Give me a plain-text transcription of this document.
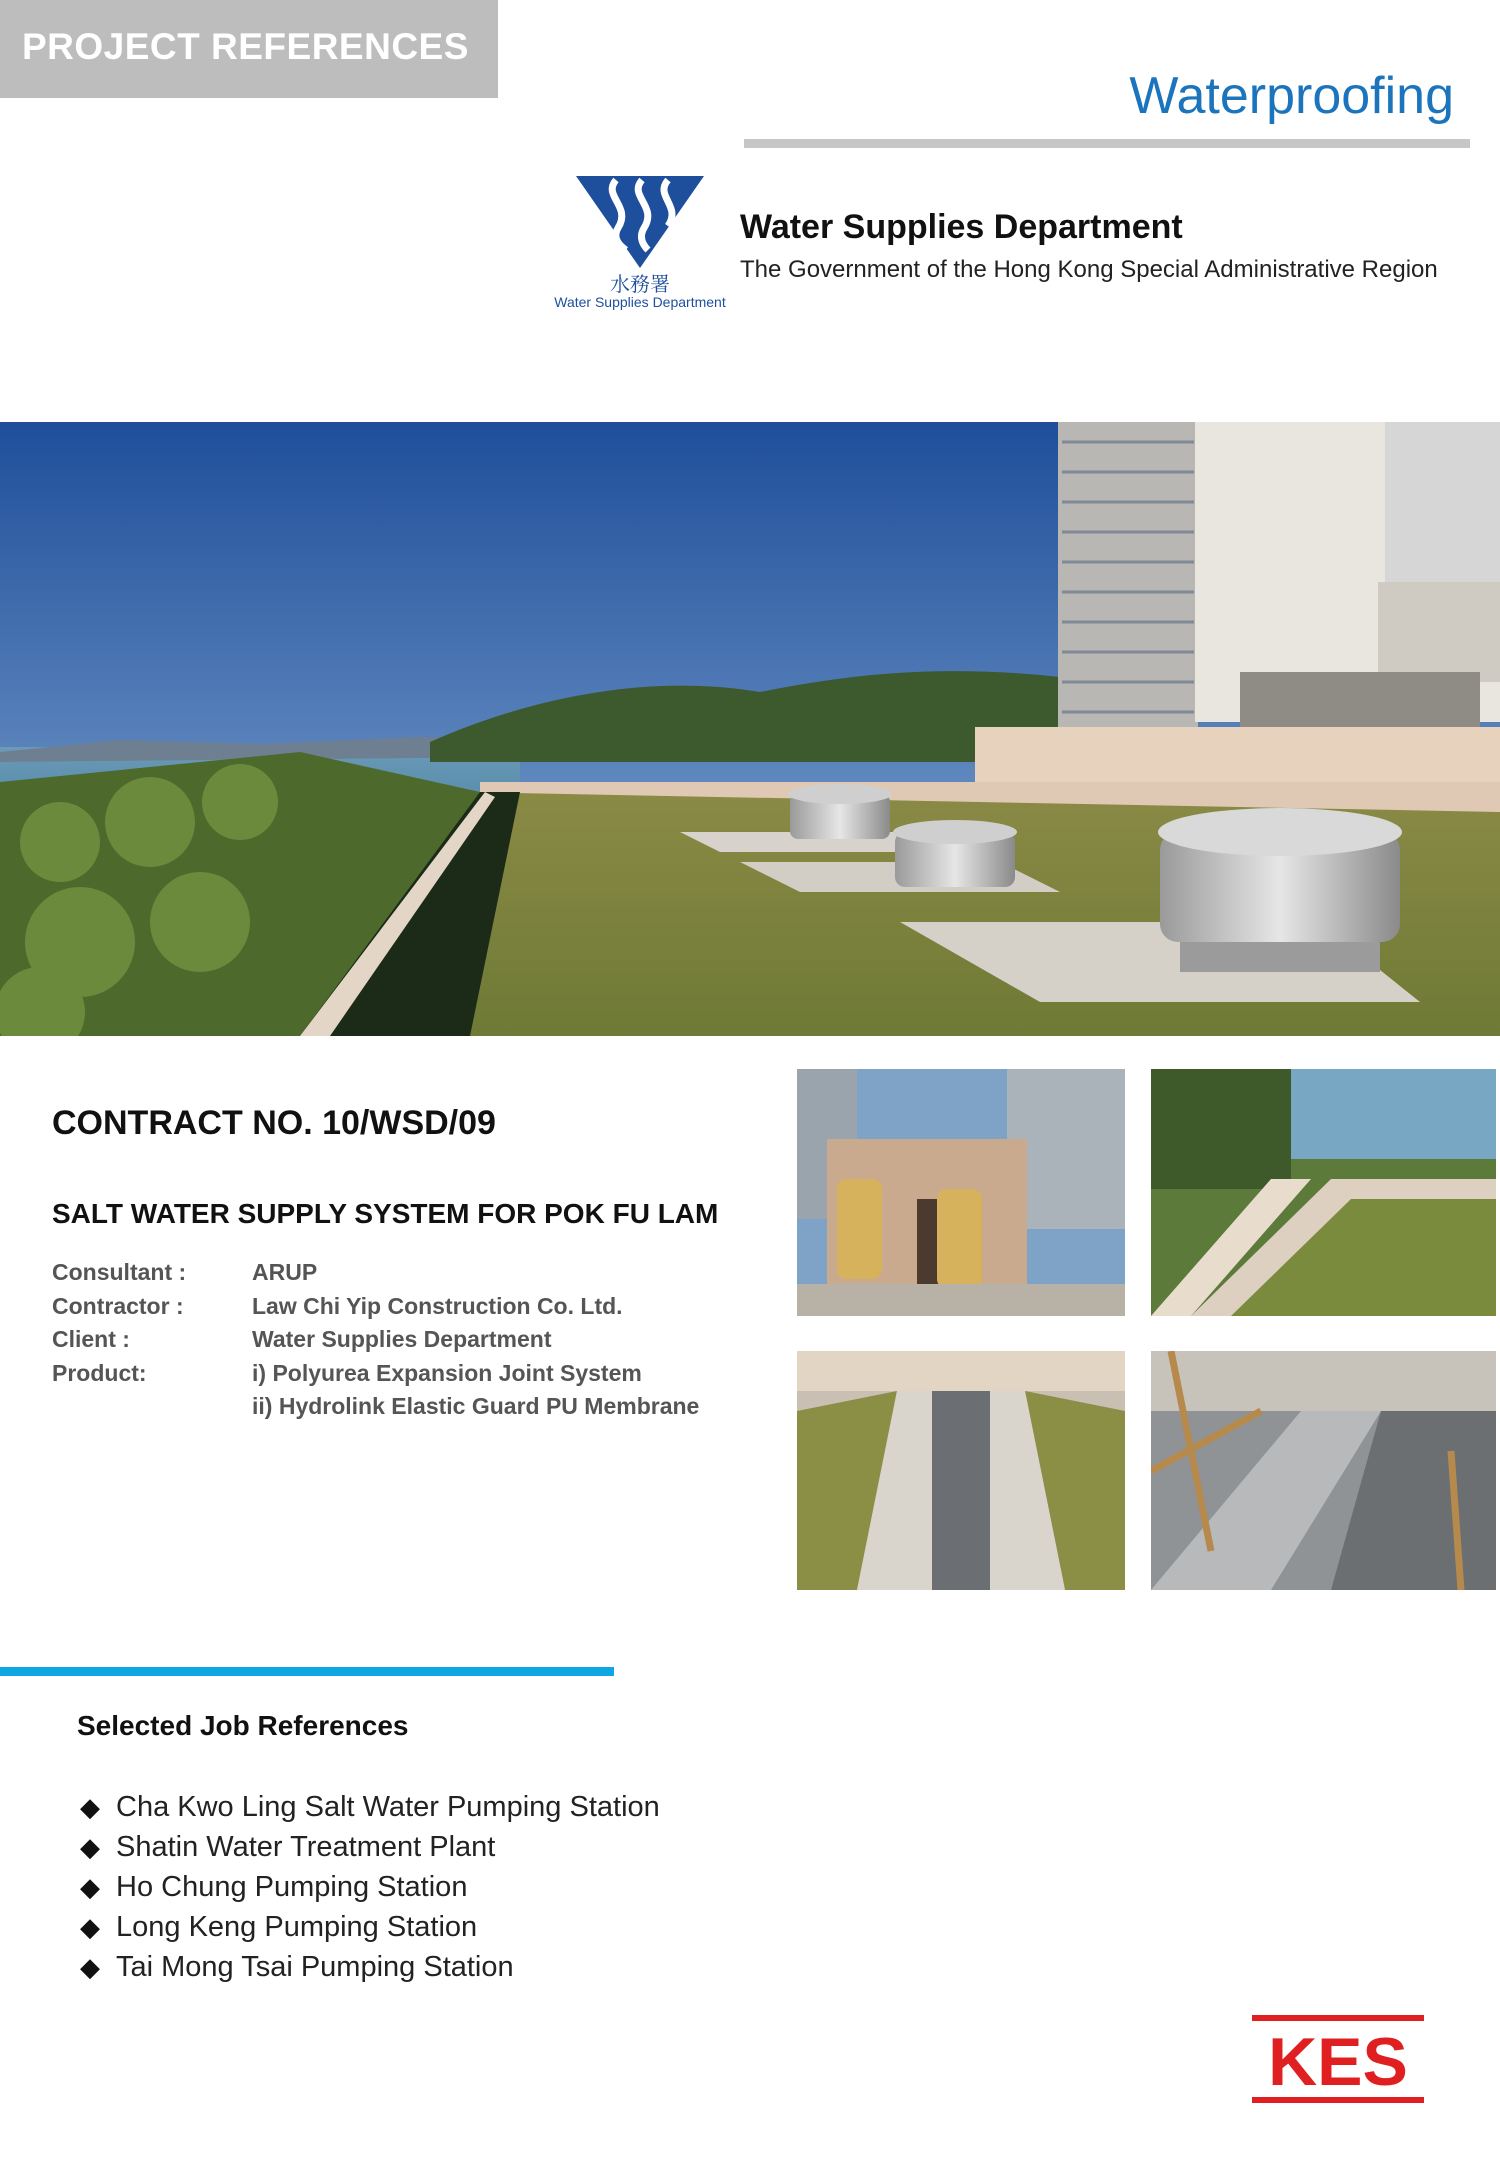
PROJECT REFERENCES
Waterproofing
水務署
Water Supplies Department
Water Supplies Department
The Government of the Hong Kong Special Administrative Region
CONTRACT NO. 10/WSD/09
SALT WATER SUPPLY SYSTEM FOR POK FU LAM
Consultant :	ARUP
Contractor :	Law Chi Yip Construction Co. Ltd.
Client :	Water Supplies Department
Product:	i) Polyurea Expansion Joint System
ii) Hydrolink Elastic Guard PU Membrane
Selected Job References
◆ Cha Kwo Ling Salt Water Pumping Station
◆ Shatin Water Treatment Plant
◆ Ho Chung Pumping Station
◆ Long Keng Pumping Station
◆ Tai Mong Tsai Pumping Station
KES
